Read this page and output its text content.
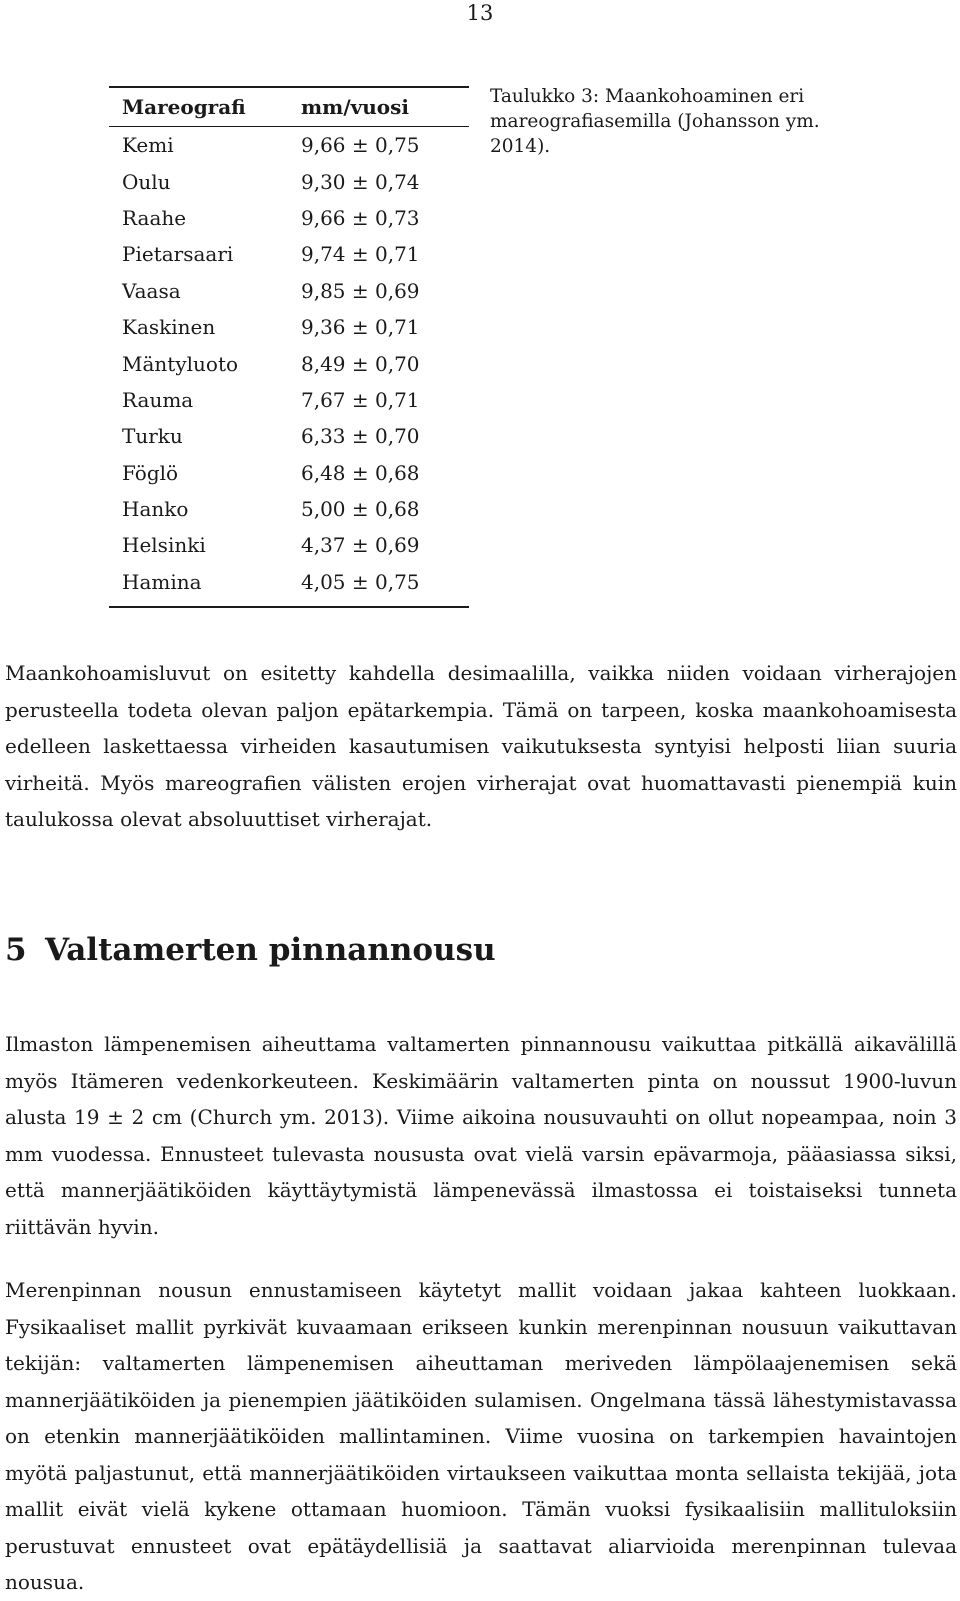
13
Mareografi	mm/vuosi

Kemi	9,66 ± 0,75
Oulu	9,30 ± 0,74
Raahe	9,66 ± 0,73
Pietarsaari	9,74 ± 0,71
Vaasa	9,85 ± 0,69
Kaskinen	9,36 ± 0,71
Mäntyluoto	8,49 ± 0,70
Rauma	7,67 ± 0,71
Turku	6,33 ± 0,70
Föglö	6,48 ± 0,68
Hanko	5,00 ± 0,68
Helsinki	4,37 ± 0,69
Hamina	4,05 ± 0,75
Taulukko 3: Maankohoaminen eri mareografiasemilla (Johansson ym. 2014).

Maankohoamisluvut on esitetty kahdella desimaalilla, vaikka niiden voidaan virherajojen perusteella todeta olevan paljon epätarkempia. Tämä on tarpeen, koska maankohoamisesta edelleen laskettaessa virheiden kasautumisen vaikutuksesta syntyisi helposti liian suuria virheitä. Myös mareografien välisten erojen virherajat ovat huomattavasti pienempiä kuin taulukossa olevat absoluuttiset virherajat.

5 Valtamerten pinnannousu

Ilmaston lämpenemisen aiheuttama valtamerten pinnannousu vaikuttaa pitkällä aikavälillä myös Itämeren vedenkorkeuteen. Keskimäärin valtamerten pinta on noussut 1900-luvun alusta 19 ± 2 cm (Church ym. 2013). Viime aikoina nousuvauhti on ollut nopeampaa, noin 3 mm vuodessa. Ennusteet tulevasta noususta ovat vielä varsin epävarmoja, pääasiassa siksi, että mannerjäätiköiden käyttäytymistä lämpenevässä ilmastossa ei toistaiseksi tunneta riittävän hyvin.

Merenpinnan nousun ennustamiseen käytetyt mallit voidaan jakaa kahteen luokkaan. Fysikaaliset mallit pyrkivät kuvaamaan erikseen kunkin merenpinnan nousuun vaikuttavan tekijän: valtamerten lämpenemisen aiheuttaman meriveden lämpölaajenemisen sekä mannerjäätiköiden ja pienempien jäätiköiden sulamisen. Ongelmana tässä lähestymistavassa on etenkin mannerjäätiköiden mallintaminen. Viime vuosina on tarkempien havaintojen myötä paljastunut, että mannerjäätiköiden virtaukseen vaikuttaa monta sellaista tekijää, jota mallit eivät vielä kykene ottamaan huomioon. Tämän vuoksi fysikaalisiin mallituloksiin perustuvat ennusteet ovat epätäydellisiä ja saattavat aliarvioida merenpinnan tulevaa nousua.
